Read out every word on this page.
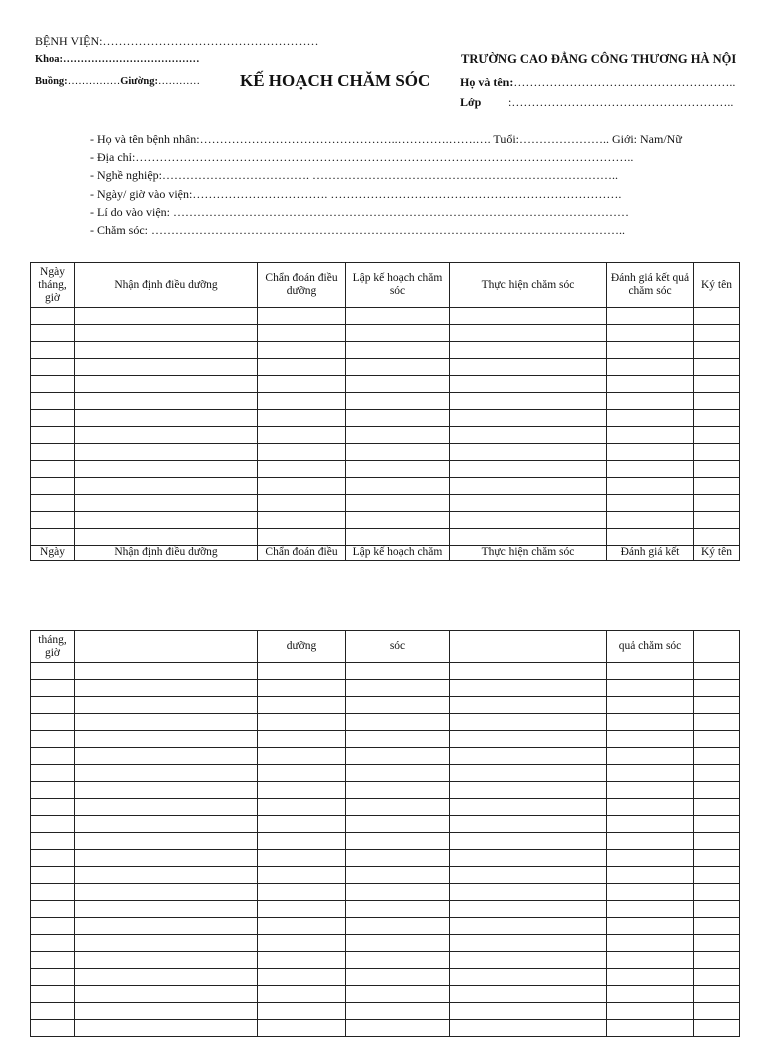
BỆNH VIỆN:………………………………………………
Khoa:…………………………………
Buồng:……………Giường:………… KẾ HOẠCH CHĂM SÓC
TRƯỜNG CAO ĐẲNG CÔNG THƯƠNG HÀ NỘI
Họ và tên:………………………………………………..
Lớp :………………………………………………..
- Họ và tên bệnh nhân:…………………………………………..………….…….…. Tuổi:………………….. Giới: Nam/Nữ
- Địa chỉ:……………………………………………………………………………………………………………..
- Nghề nghiệp:………………………………. …………………………………………………………………..
- Ngày/ giờ vào viện:……………………………. ……………………………………………………………….
- Lí do vào viện: ……………………………………………………………………………………………………
- Chăm sóc: ………………………………………………………………………………………………………..
Ngày tháng, giờ	Nhận định điều dưỡng	Chẩn đoán điều dưỡng	Lập kế hoạch chăm sóc	Thực hiện chăm sóc	Đánh giá kết quả chăm sóc	Ký tên

Ngày	Nhận định điều dưỡng	Chẩn đoán điều	Lập kế hoạch chăm	Thực hiện chăm sóc	Đánh giá kết	Ký tên
tháng, giờ		dưỡng	sóc		quả chăm sóc	
